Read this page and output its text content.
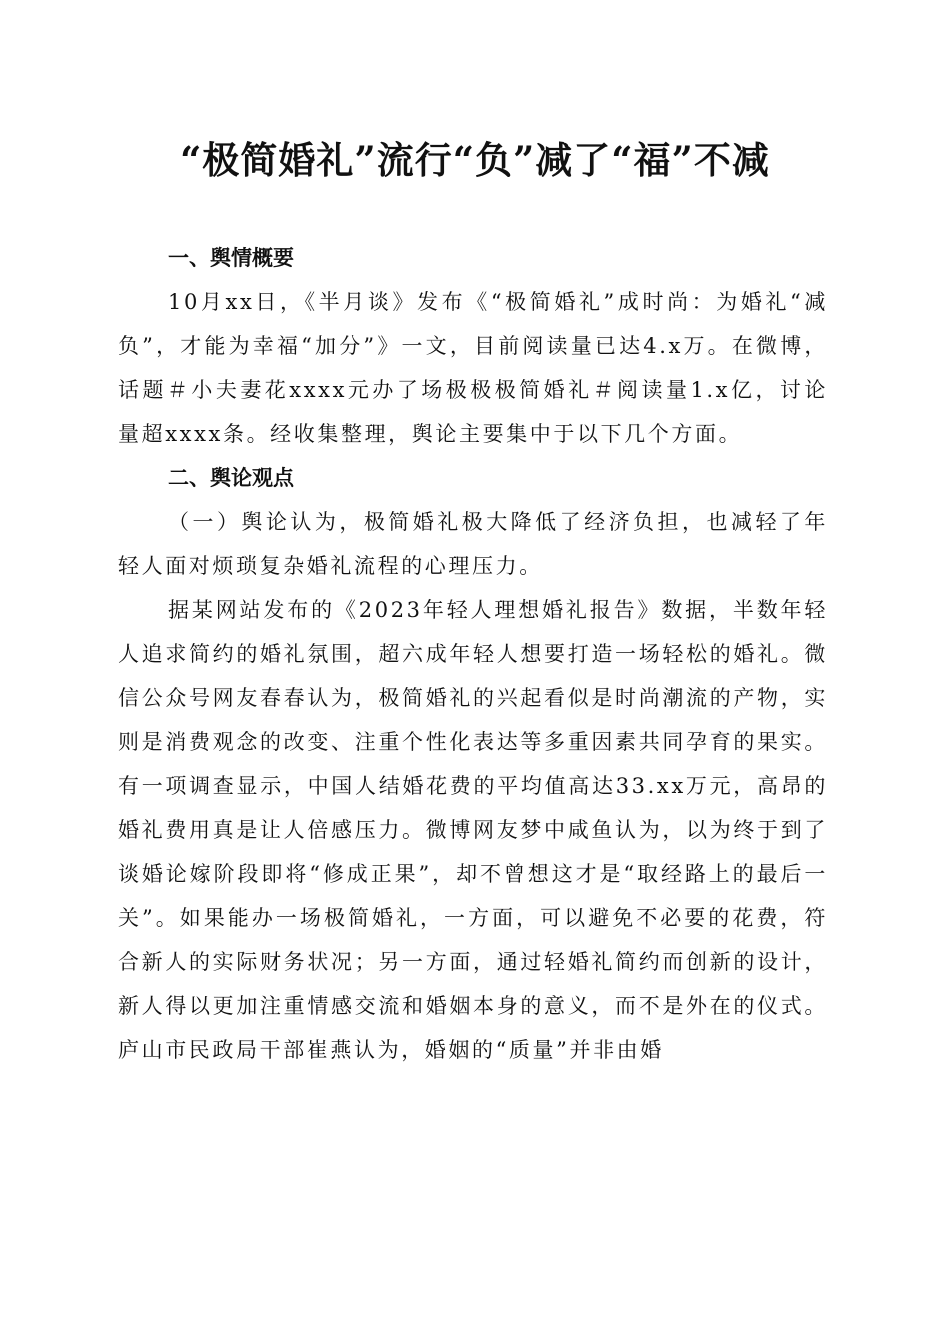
“极简婚礼”流行“负”减了“福”不减
一、舆情概要

10月xx日，《半月谈》发布《“极简婚礼”成时尚：为婚礼“减负”，才能为幸福“加分”》一文，目前阅读量已达4.x万。在微博，话题＃小夫妻花xxxx元办了场极极极简婚礼＃阅读量1.x亿，讨论量超xxxx条。经收集整理，舆论主要集中于以下几个方面。

二、舆论观点

（一）舆论认为，极简婚礼极大降低了经济负担，也减轻了年轻人面对烦琐复杂婚礼流程的心理压力。

据某网站发布的《2023年轻人理想婚礼报告》数据，半数年轻人追求简约的婚礼氛围，超六成年轻人想要打造一场轻松的婚礼。微信公众号网友春春认为，极简婚礼的兴起看似是时尚潮流的产物，实则是消费观念的改变、注重个性化表达等多重因素共同孕育的果实。有一项调查显示，中国人结婚花费的平均值高达33.xx万元，高昂的婚礼费用真是让人倍感压力。微博网友梦中咸鱼认为，以为终于到了谈婚论嫁阶段即将“修成正果”，却不曾想这才是“取经路上的最后一关”。如果能办一场极简婚礼，一方面，可以避免不必要的花费，符合新人的实际财务状况；另一方面，通过轻婚礼简约而创新的设计，新人得以更加注重情感交流和婚姻本身的意义，而不是外在的仪式。庐山市民政局干部崔燕认为，婚姻的“质量”并非由婚
